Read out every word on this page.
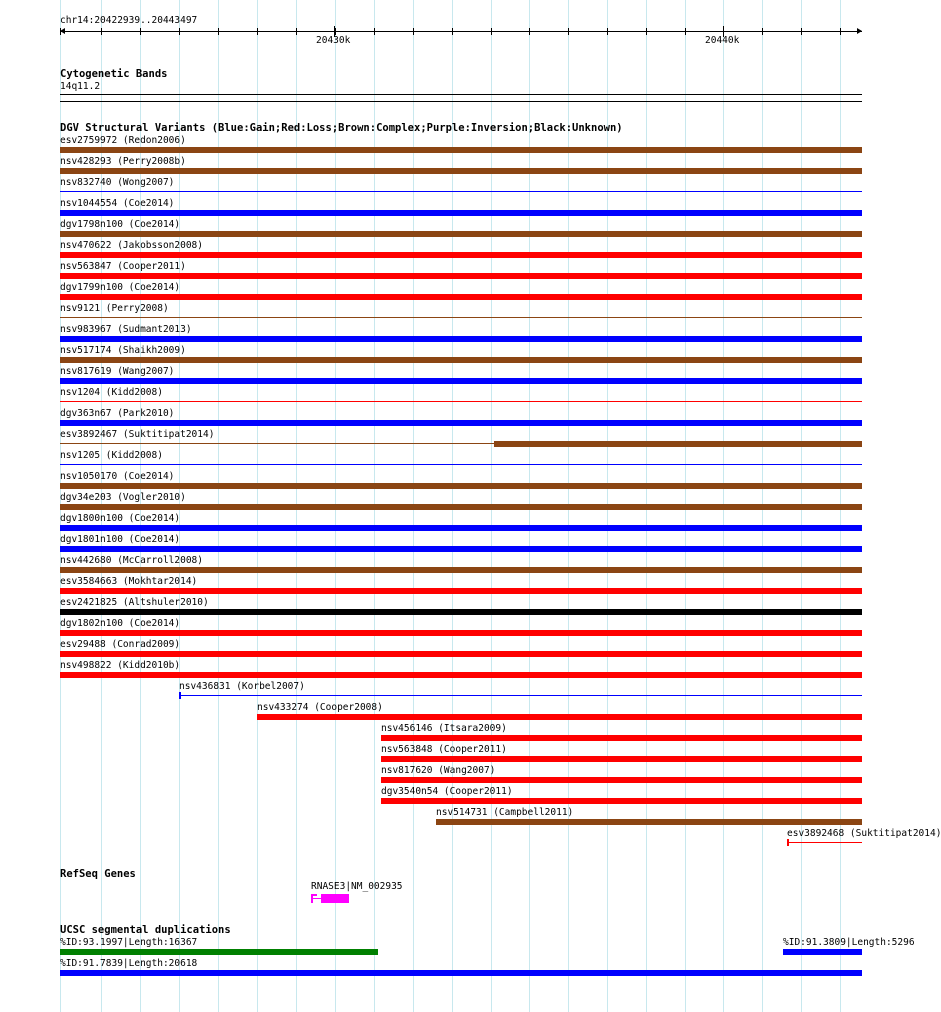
chr14:20422939..20443497
20430k	20440k
Cytogenetic Bands
14q11.2
DGV Structural Variants (Blue:Gain;Red:Loss;Brown:Complex;Purple:Inversion;Black:Unknown)
esv2759972 (Redon2006)
nsv428293 (Perry2008b)
nsv832740 (Wong2007)
nsv1044554 (Coe2014)
dgv1798n100 (Coe2014)
nsv470622 (Jakobsson2008)
nsv563847 (Cooper2011)
dgv1799n100 (Coe2014)
nsv9121 (Perry2008)
nsv983967 (Sudmant2013)
nsv517174 (Shaikh2009)
nsv817619 (Wang2007)
nsv1204 (Kidd2008)
dgv363n67 (Park2010)
esv3892467 (Suktitipat2014)
nsv1205 (Kidd2008)
nsv1050170 (Coe2014)
dgv34e203 (Vogler2010)
dgv1800n100 (Coe2014)
dgv1801n100 (Coe2014)
nsv442680 (McCarroll2008)
esv3584663 (Mokhtar2014)
esv2421825 (Altshuler2010)
dgv1802n100 (Coe2014)
esv29488 (Conrad2009)
nsv498822 (Kidd2010b)
nsv436831 (Korbel2007)
nsv433274 (Cooper2008)
nsv456146 (Itsara2009)
nsv563848 (Cooper2011)
nsv817620 (Wang2007)
dgv3540n54 (Cooper2011)
nsv514731 (Campbell2011)
esv3892468 (Suktitipat2014)
RefSeq Genes
RNASE3|NM_002935
UCSC segmental duplications
%ID:93.1997|Length:16367	%ID:91.3809|Length:5296
%ID:91.7839|Length:20618
